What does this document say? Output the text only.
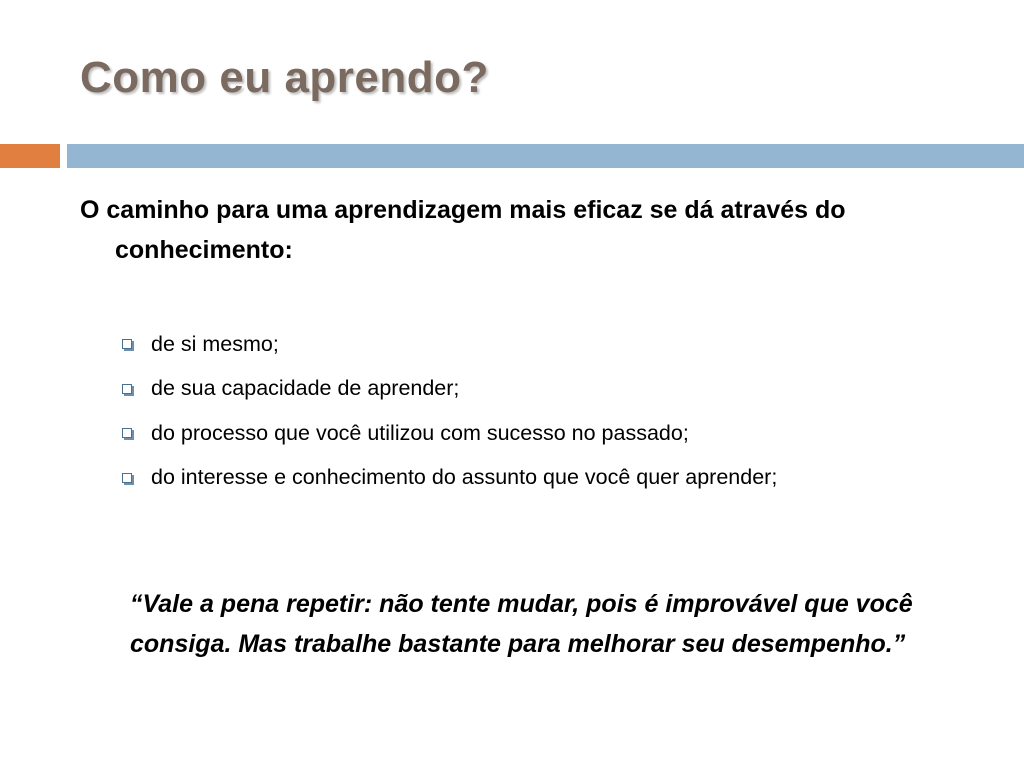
Como eu aprendo?

O caminho para uma aprendizagem mais eficaz se dá através do conhecimento:

de si mesmo;
de sua capacidade de aprender;
do processo que você utilizou com sucesso no passado;
do interesse e conhecimento do assunto que você quer aprender;

“Vale a pena repetir: não tente mudar, pois é improvável que você consiga. Mas trabalhe bastante para melhorar seu desempenho.”
